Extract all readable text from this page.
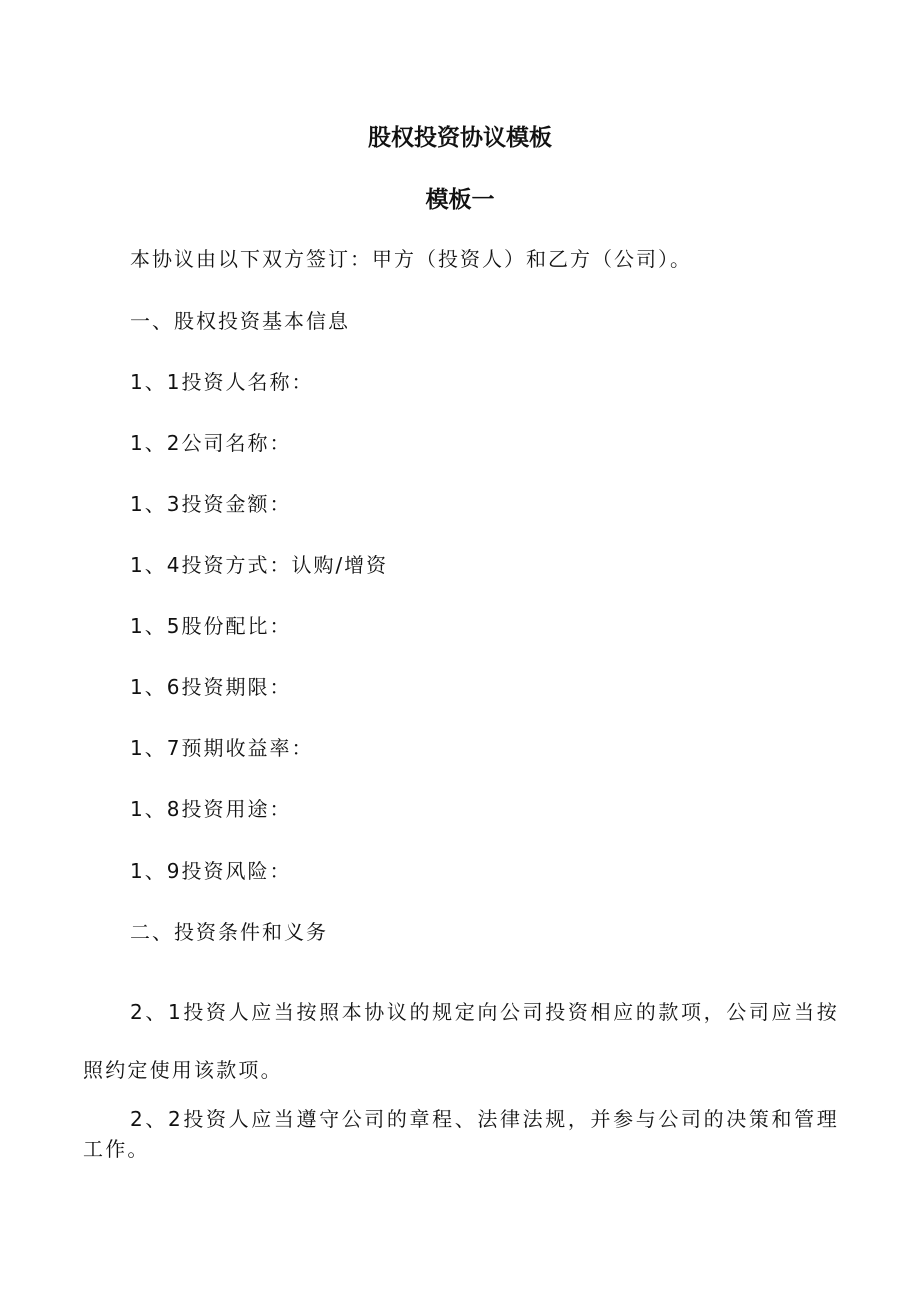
股权投资协议模板
模板一
本协议由以下双方签订：甲方（投资人）和乙方（公司）。
一、股权投资基本信息
1、1投资人名称：
1、2公司名称：
1、3投资金额：
1、4投资方式：认购/增资
1、5股份配比：
1、6投资期限：
1、7预期收益率：
1、8投资用途：
1、9投资风险：
二、投资条件和义务
2、1投资人应当按照本协议的规定向公司投资相应的款项，公司应当按照约定使用该款项。
2、2投资人应当遵守公司的章程、法律法规，并参与公司的决策和管理工作。
